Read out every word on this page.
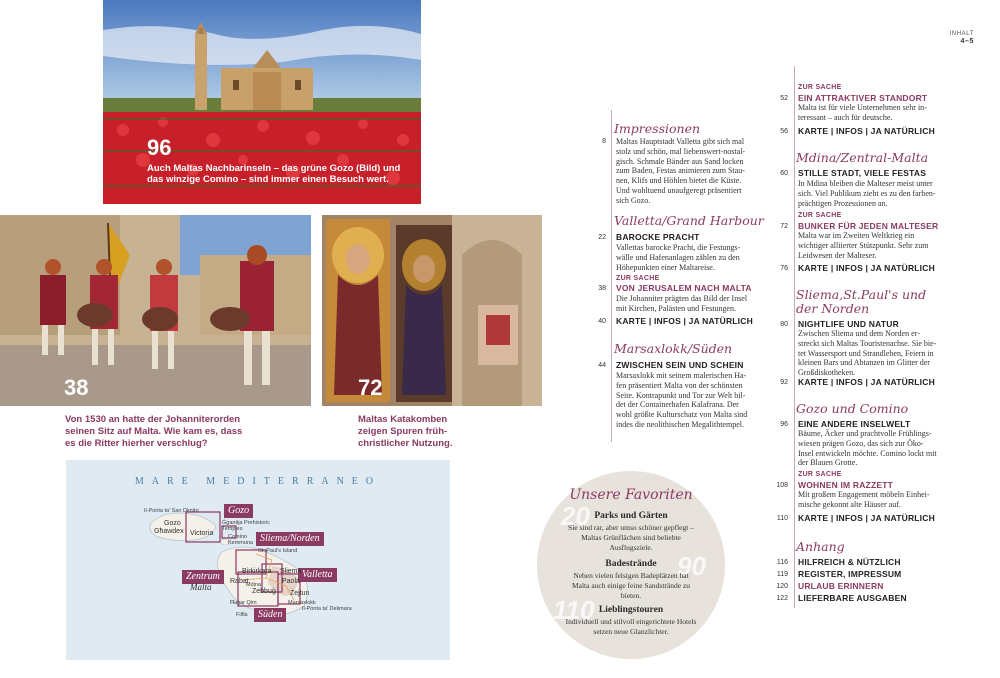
96
Auch Maltas Nachbarinseln – das grüne Gozo (Bild) und das winzige Comino – sind immer einen Besuch wert.
38	72
Von 1530 an hatte der Johanniterorden seinen Sitz auf Malta. Wie kam es, dass es die Ritter hierher verschlug?
Maltas Katakomben zeigen Spuren frühchristlicher Nutzung.
MARE MEDITERRANEO
Gozo
Sliema/Norden
Zentrum	Valletta
Süden
Il-Ponta ta' San Dimitri
Gozo
Għawdex Victoria
Ġgantija Prehistoric Temples
Comino
Kemmuna
St. Paul's Island
Malta
Birkirkara Sliema
Paola
Rabat
Mdina
Żebbuġ Żejtun
Marsaxlokk
Il-Ponta ta' Delimara
Ħaġar Qim
Filfla
20
90
110
Unsere Favoriten
Parks und Gärten
Sie sind rar, aber umso schöner gepflegt – Maltas Grünflächen sind beliebte Ausflugsziele.
Badestrände
Neben vielen felsigen Badeplätzen hat Malta auch einige feine Sandstrände zu bieten.
Lieblingstouren
Individuell und stilvoll eingerichtete Hotels setzen neue Glanzlichter.
INHALT
4–5
Impressionen
8 Maltas Hauptstadt Valletta gibt sich mal stolz und schön, mal liebenswert-nostalgisch. Schmale Bänder aus Sand locken zum Baden, Festas animieren zum Staunen, Klifs und Höhlen bietet die Küste. Und wohltuend unaufgeregt präsentiert sich Gozo.
Valletta/Grand Harbour
22 BAROCKE PRACHT
Vallettas barocke Pracht, die Festungswälle und Hafenanlagen zählen zu den Höhepunkten einer Maltareise.
ZUR SACHE
38 VON JERUSALEM NACH MALTA
Die Johanniter prägten das Bild der Insel mit Kirchen, Palästen und Festungen.
40 KARTE | INFOS | JA NATÜRLICH
Marsaxlokk/Süden
44 ZWISCHEN SEIN UND SCHEIN
Marsaxlokk mit seinem malerischen Hafen präsentiert Malta von der schönsten Seite. Kontrapunkt und Tor zur Welt bildet der Containerhafen Kalafrana. Der wohl größte Kulturschatz von Malta sind indes die neolithischen Megalithtempel.
ZUR SACHE
52 EIN ATTRAKTIVER STANDORT
Malta ist für viele Unternehmen sehr interessant – auch für deutsche.
56 KARTE | INFOS | JA NATÜRLICH
Mdina/Zentral-Malta
60 STILLE STADT, VIELE FESTAS
In Mdina bleiben die Malteser meist unter sich. Viel Publikum zieht es zu den farbenprächtigen Prozessionen an.
ZUR SACHE
72 BUNKER FÜR JEDEN MALTESER
Malta war im Zweiten Weltkrieg ein wichtiger alliierter Stützpunkt. Sehr zum Leidwesen der Malteser.
76 KARTE | INFOS | JA NATÜRLICH
Sliema,St.Paul's und
der Norden
80 NIGHTLIFE UND NATUR
Zwischen Sliema und dem Norden erstreckt sich Maltas Touristenachse. Sie bietet Wassersport und Strandleben, Feiern in kleinen Bars und Abtanzen im Glitter der Großdiskotheken.
92 KARTE | INFOS | JA NATÜRLICH
Gozo und Comino
96 EINE ANDERE INSELWELT
Bäume, Äcker und prachtvolle Frühlingswiesen prägen Gozo, das sich zur Öko-Insel entwickeln möchte. Comino lockt mit der Blauen Grotte.
ZUR SACHE
108 WOHNEN IM RAZZETT
Mit großem Engagement möbeln Einheimische gekonnt alte Häuser auf.
110 KARTE | INFOS | JA NATÜRLICH
Anhang
116 HILFREICH & NÜTZLICH
119 REGISTER, IMPRESSUM
120 URLAUB ERINNERN
122 LIEFERBARE AUSGABEN
